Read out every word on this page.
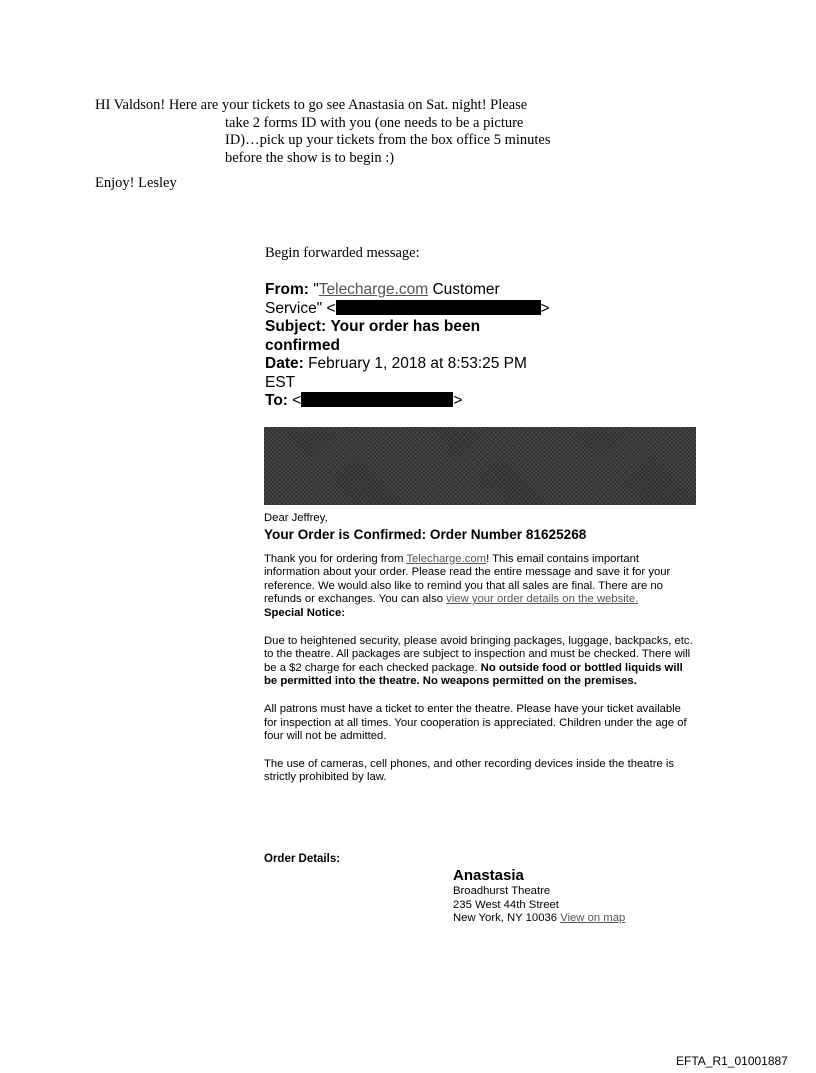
HI Valdson! Here are your tickets to go see Anastasia on Sat. night! Please
take 2 forms ID with you (one needs to be a picture
ID)…pick up your tickets from the box office 5 minutes
before the show is to begin :)
Enjoy! Lesley
Begin forwarded message:
From: "Telecharge.com Customer Service" <	>
Subject: Your order has been confirmed
Date: February 1, 2018 at 8:53:25 PM EST
To: <	>
Dear Jeffrey,
Your Order is Confirmed: Order Number 81625268
Thank you for ordering from Telecharge.com! This email contains important information about your order. Please read the entire message and save it for your reference. We would also like to remind you that all sales are final. There are no refunds or exchanges. You can also view your order details on the website.
Special Notice:
Due to heightened security, please avoid bringing packages, luggage, backpacks, etc. to the theatre. All packages are subject to inspection and must be checked. There will be a $2 charge for each checked package. No outside food or bottled liquids will be permitted into the theatre. No weapons permitted on the premises.
All patrons must have a ticket to enter the theatre. Please have your ticket available for inspection at all times. Your cooperation is appreciated. Children under the age of four will not be admitted.
The use of cameras, cell phones, and other recording devices inside the theatre is strictly prohibited by law.
Order Details:
Anastasia
Broadhurst Theatre
235 West 44th Street
New York, NY 10036 View on map
EFTA_R1_01001887
